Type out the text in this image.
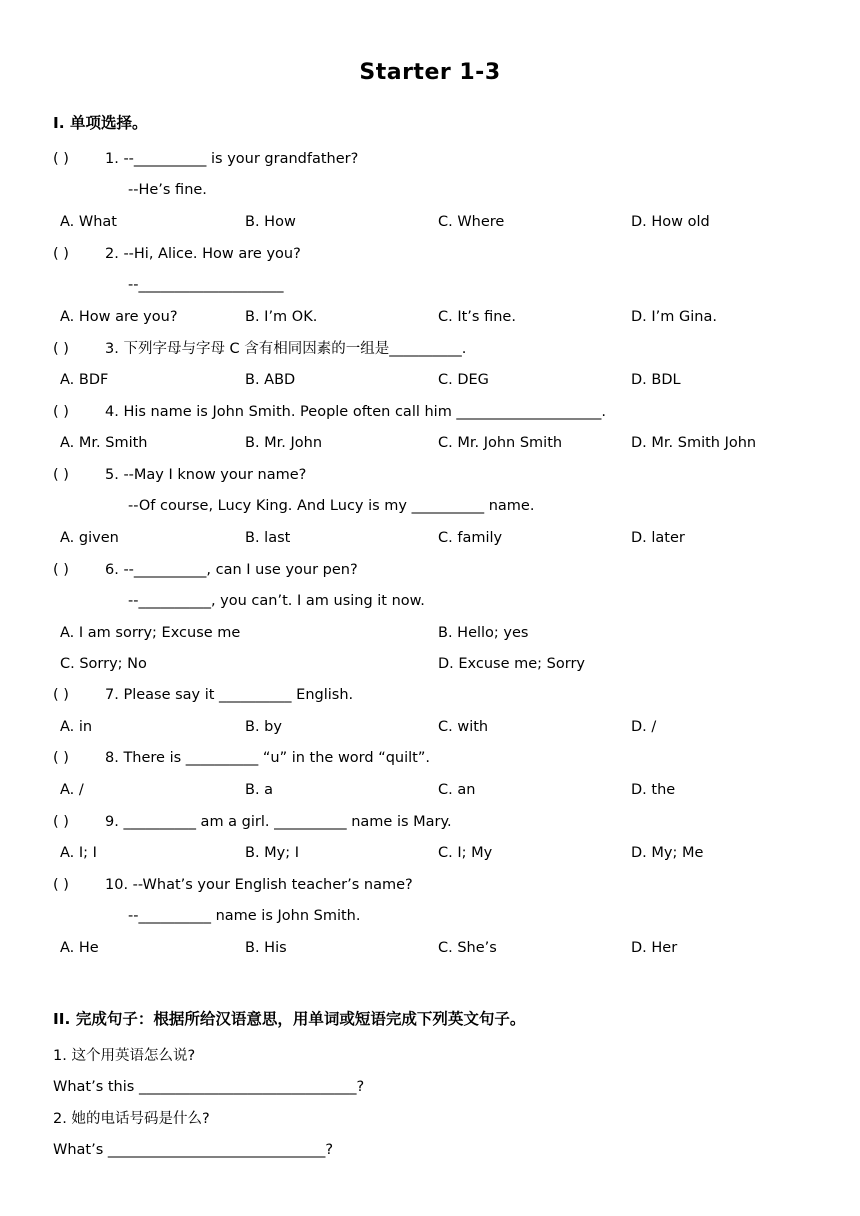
Starter 1-3
I. 单项选择。
( )	1. --__________ is your grandfather?
--He’s fine.
A. What	B. How	C. Where	D. How old
( )	2. --Hi, Alice. How are you?
--____________________
A. How are you?	B. I’m OK.	C. It’s fine.	D. I’m Gina.
( )	3. 下列字母与字母 C 含有相同因素的一组是__________.
A. BDF	B. ABD	C. DEG	D. BDL
( )	4. His name is John Smith. People often call him ____________________.
A. Mr. Smith	B. Mr. John	C. Mr. John Smith	D. Mr. Smith John
( )	5. --May I know your name?
--Of course, Lucy King. And Lucy is my __________ name.
A. given	B. last	C. family	D. later
( )	6. --__________, can I use your pen?
--__________, you can’t. I am using it now.
A. I am sorry; Excuse me	B. Hello; yes
C. Sorry; No	D. Excuse me; Sorry
( )	7. Please say it __________ English.
A. in	B. by	C. with	D. /
( )	8. There is __________ “u” in the word “quilt”.
A. /	B. a	C. an	D. the
( )	9. __________ am a girl. __________ name is Mary.
A. I; I	B. My; I	C. I; My	D. My; Me
( )	10. --What’s your English teacher’s name?
--__________ name is John Smith.
A. He	B. His	C. She’s	D. Her
II. 完成句子：根据所给汉语意思，用单词或短语完成下列英文句子。
1. 这个用英语怎么说?
What’s this ______________________________?
2. 她的电话号码是什么?
What’s ______________________________?
